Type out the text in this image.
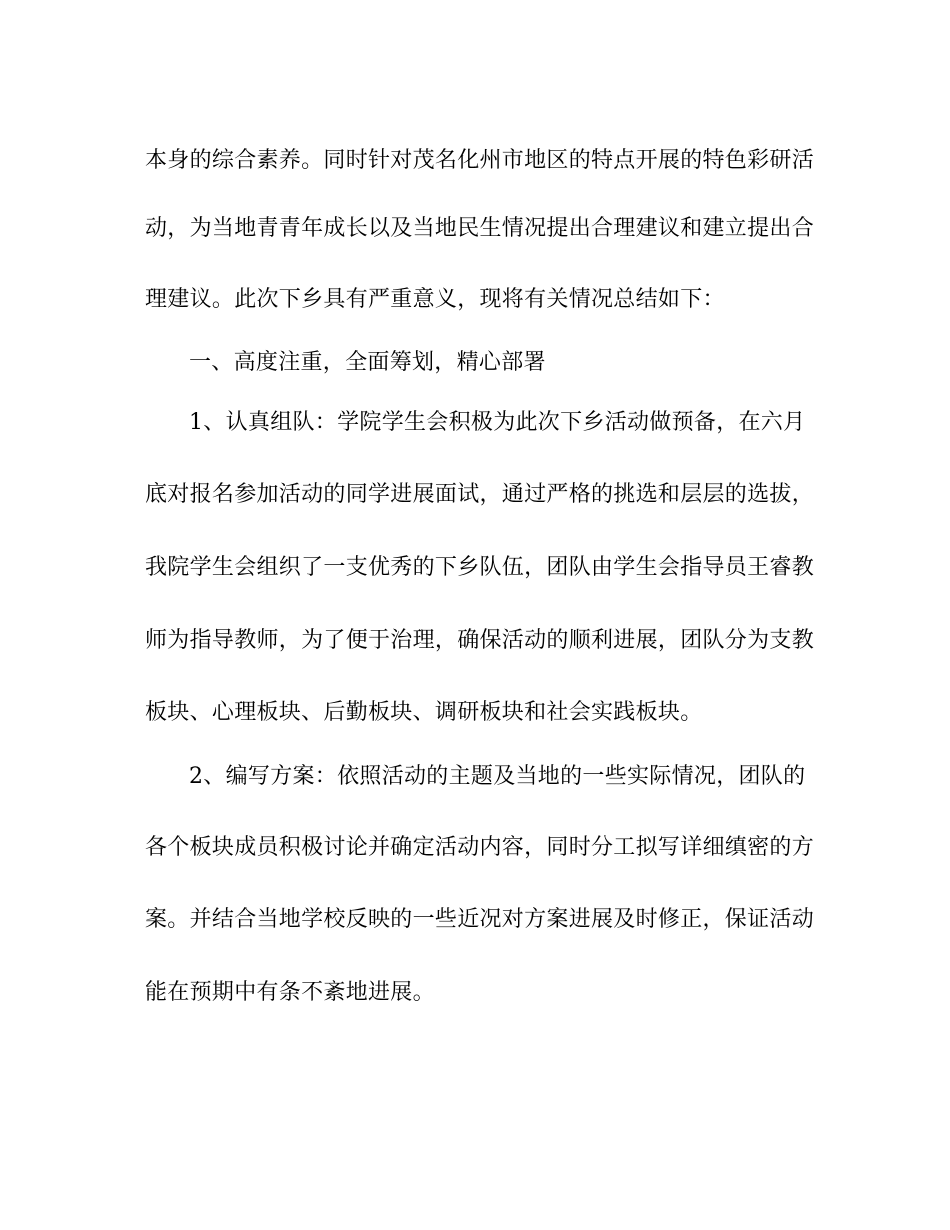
本身的综合素养。同时针对茂名化州市地区的特点开展的特色彩研活
动，为当地青青年成长以及当地民生情况提出合理建议和建立提出合
理建议。此次下乡具有严重意义，现将有关情况总结如下：
一、高度注重，全面筹划，精心部署
1、认真组队：学院学生会积极为此次下乡活动做预备，在六月
底对报名参加活动的同学进展面试，通过严格的挑选和层层的选拔，
我院学生会组织了一支优秀的下乡队伍，团队由学生会指导员王睿教
师为指导教师，为了便于治理，确保活动的顺利进展，团队分为支教
板块、心理板块、后勤板块、调研板块和社会实践板块。
2、编写方案：依照活动的主题及当地的一些实际情况，团队的
各个板块成员积极讨论并确定活动内容，同时分工拟写详细缜密的方
案。并结合当地学校反映的一些近况对方案进展及时修正，保证活动
能在预期中有条不紊地进展。
